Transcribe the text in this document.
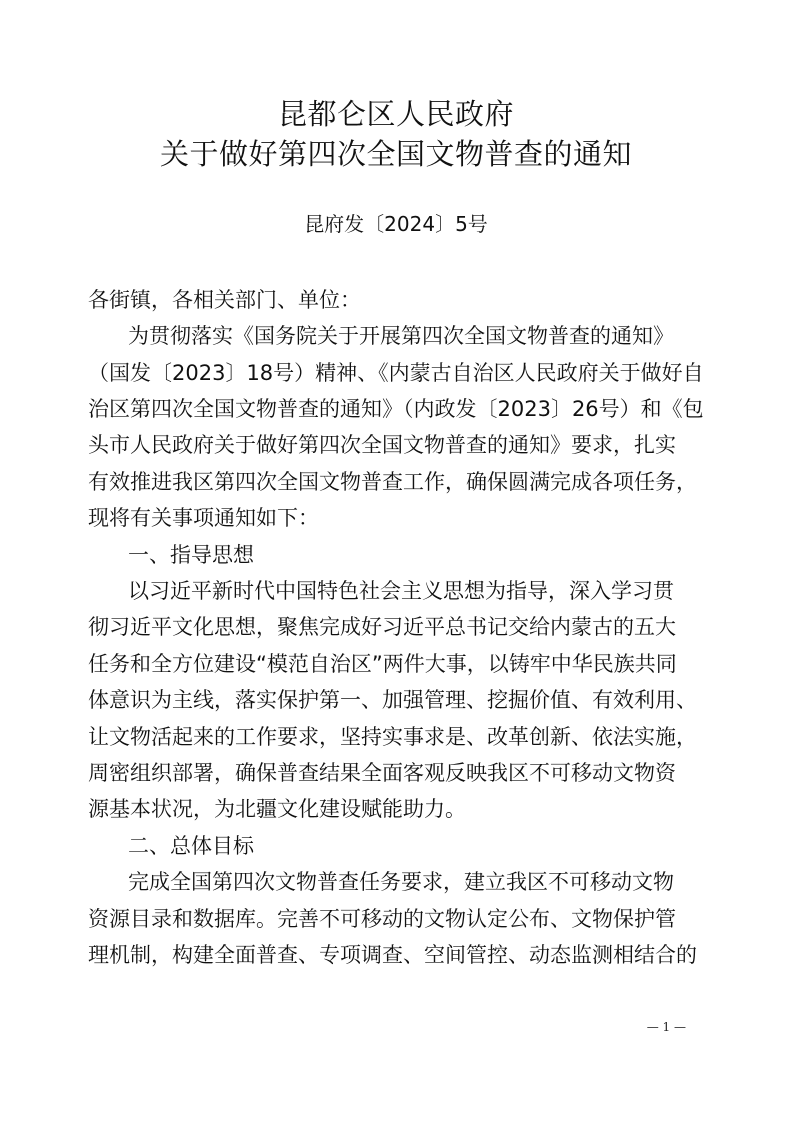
昆都仑区人民政府
关于做好第四次全国文物普查的通知
昆府发〔2024〕5号
各街镇，各相关部门、单位：
为贯彻落实《国务院关于开展第四次全国文物普查的通知》
（国发〔2023〕18号）精神、《内蒙古自治区人民政府关于做好自
治区第四次全国文物普查的通知》（内政发〔2023〕26号）和《包
头市人民政府关于做好第四次全国文物普查的通知》要求，扎实
有效推进我区第四次全国文物普查工作，确保圆满完成各项任务，
现将有关事项通知如下：
一、指导思想
以习近平新时代中国特色社会主义思想为指导，深入学习贯
彻习近平文化思想，聚焦完成好习近平总书记交给内蒙古的五大
任务和全方位建设“模范自治区”两件大事，以铸牢中华民族共同
体意识为主线，落实保护第一、加强管理、挖掘价值、有效利用、
让文物活起来的工作要求，坚持实事求是、改革创新、依法实施，
周密组织部署，确保普查结果全面客观反映我区不可移动文物资
源基本状况，为北疆文化建设赋能助力。
二、总体目标
完成全国第四次文物普查任务要求，建立我区不可移动文物
资源目录和数据库。完善不可移动的文物认定公布、文物保护管
理机制，构建全面普查、专项调查、空间管控、动态监测相结合的
— 1 —
